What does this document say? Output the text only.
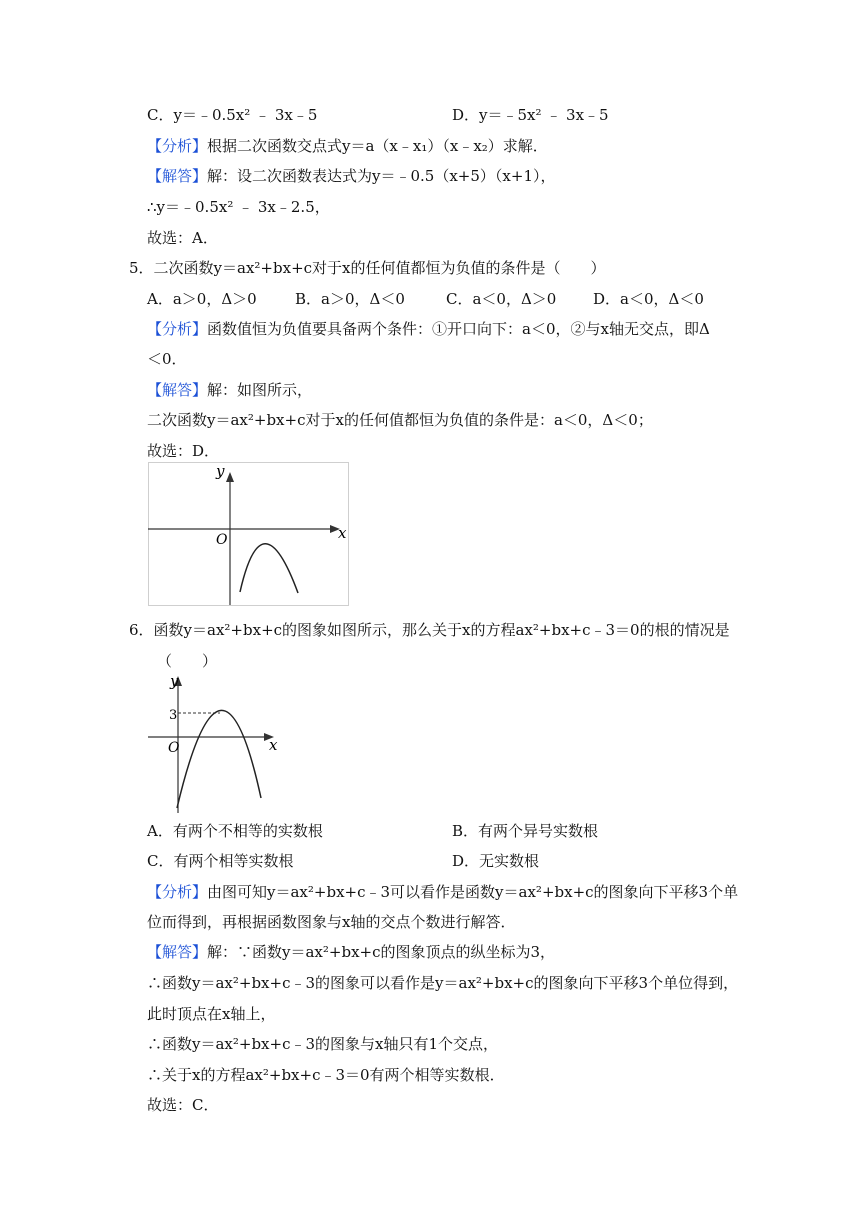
C．y＝﹣0.5x² ﹣ 3x﹣5	D．y＝﹣5x² ﹣ 3x﹣5
【分析】根据二次函数交点式y＝a（x﹣x₁）（x﹣x₂）求解．
【解答】解：设二次函数表达式为y＝﹣0.5（x+5）（x+1），
∴y＝﹣0.5x² ﹣ 3x﹣2.5，
故选：A．
5．二次函数y＝ax²+bx+c对于x的任何值都恒为负值的条件是（　　）
A．a＞0，Δ＞0	B．a＞0，Δ＜0	C．a＜0，Δ＞0 D．a＜0，Δ＜0
【分析】函数值恒为负值要具备两个条件：①开口向下：a＜0，②与x轴无交点，即Δ
＜0．
【解答】解：如图所示，
二次函数y＝ax²+bx+c对于x的任何值都恒为负值的条件是：a＜0，Δ＜0；
故选：D．
x
y
O
6．函数y＝ax²+bx+c的图象如图所示，那么关于x的方程ax²+bx+c﹣3＝0的根的情况是
（　　）
x
y
O
3
A．有两个不相等的实数根	B．有两个异号实数根
C．有两个相等实数根	D．无实数根
【分析】由图可知y＝ax²+bx+c﹣3可以看作是函数y＝ax²+bx+c的图象向下平移3个单
位而得到，再根据函数图象与x轴的交点个数进行解答．
【解答】解：∵函数y＝ax²+bx+c的图象顶点的纵坐标为3，
∴函数y＝ax²+bx+c﹣3的图象可以看作是y＝ax²+bx+c的图象向下平移3个单位得到，
此时顶点在x轴上，
∴函数y＝ax²+bx+c﹣3的图象与x轴只有1个交点，
∴关于x的方程ax²+bx+c﹣3＝0有两个相等实数根．
故选：C．
